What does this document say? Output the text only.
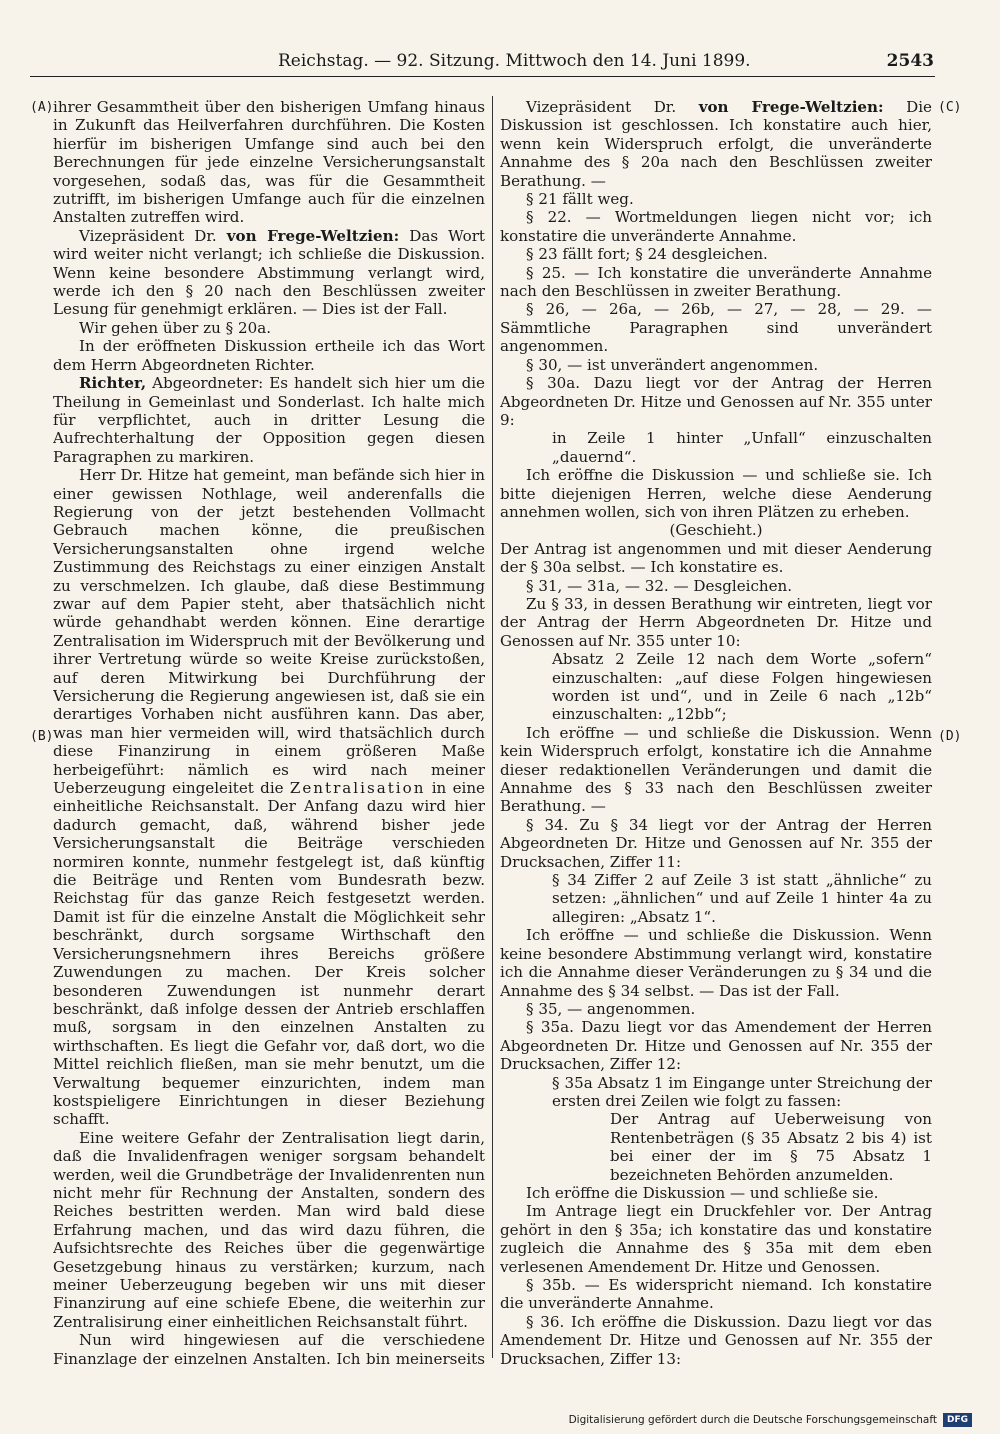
Reichstag. — 92. Sitzung. Mittwoch den 14. Juni 1899.	2543
(A)
(B)
(C)
(D)

ihrer Gesammtheit über den bisherigen Umfang hinaus in Zukunft das Heilverfahren durchführen. Die Kosten hierfür im bisherigen Umfange sind auch bei den Berechnungen für jede einzelne Versicherungsanstalt vorgesehen, sodaß das, was für die Gesammtheit zutrifft, im bisherigen Umfange auch für die einzelnen Anstalten zutreffen wird.

Vizepräsident Dr. von Frege-Weltzien: Das Wort wird weiter nicht verlangt; ich schließe die Diskussion. Wenn keine besondere Abstimmung verlangt wird, werde ich den § 20 nach den Beschlüssen zweiter Lesung für genehmigt erklären. — Dies ist der Fall.

Wir gehen über zu § 20a.

In der eröffneten Diskussion ertheile ich das Wort dem Herrn Abgeordneten Richter.

Richter, Abgeordneter: Es handelt sich hier um die Theilung in Gemeinlast und Sonderlast. Ich halte mich für verpflichtet, auch in dritter Lesung die Aufrechterhaltung der Opposition gegen diesen Paragraphen zu markiren.

Herr Dr. Hitze hat gemeint, man befände sich hier in einer gewissen Nothlage, weil anderenfalls die Regierung von der jetzt bestehenden Vollmacht Gebrauch machen könne, die preußischen Versicherungsanstalten ohne irgend welche Zustimmung des Reichstags zu einer einzigen Anstalt zu verschmelzen. Ich glaube, daß diese Bestimmung zwar auf dem Papier steht, aber thatsächlich nicht würde gehandhabt werden können. Eine derartige Zentralisation im Widerspruch mit der Bevölkerung und ihrer Vertretung würde so weite Kreise zurückstoßen, auf deren Mitwirkung bei Durchführung der Versicherung die Regierung angewiesen ist, daß sie ein derartiges Vorhaben nicht ausführen kann. Das aber, was man hier vermeiden will, wird thatsächlich durch diese Finanzirung in einem größeren Maße herbeigeführt: nämlich es wird nach meiner Ueberzeugung eingeleitet die Zentralisation in eine einheitliche Reichsanstalt. Der Anfang dazu wird hier dadurch gemacht, daß, während bisher jede Versicherungsanstalt die Beiträge verschieden normiren konnte, nunmehr festgelegt ist, daß künftig die Beiträge und Renten vom Bundesrath bezw. Reichstag für das ganze Reich festgesetzt werden. Damit ist für die einzelne Anstalt die Möglichkeit sehr beschränkt, durch sorgsame Wirthschaft den Versicherungsnehmern ihres Bereichs größere Zuwendungen zu machen. Der Kreis solcher besonderen Zuwendungen ist nunmehr derart beschränkt, daß infolge dessen der Antrieb erschlaffen muß, sorgsam in den einzelnen Anstalten zu wirthschaften. Es liegt die Gefahr vor, daß dort, wo die Mittel reichlich fließen, man sie mehr benutzt, um die Verwaltung bequemer einzurichten, indem man kostspieligere Einrichtungen in dieser Beziehung schafft.

Eine weitere Gefahr der Zentralisation liegt darin, daß die Invalidenfragen weniger sorgsam behandelt werden, weil die Grundbeträge der Invalidenrenten nun nicht mehr für Rechnung der Anstalten, sondern des Reiches bestritten werden. Man wird bald diese Erfahrung machen, und das wird dazu führen, die Aufsichtsrechte des Reiches über die gegenwärtige Gesetzgebung hinaus zu verstärken; kurzum, nach meiner Ueberzeugung begeben wir uns mit dieser Finanzirung auf eine schiefe Ebene, die weiterhin zur Zentralisirung einer einheitlichen Reichsanstalt führt.

Nun wird hingewiesen auf die verschiedene Finanzlage der einzelnen Anstalten. Ich bin meinerseits

Vizepräsident Dr. von Frege-Weltzien: Die Diskussion ist geschlossen. Ich konstatire auch hier, wenn kein Widerspruch erfolgt, die unveränderte Annahme des § 20a nach den Beschlüssen zweiter Berathung. —

§ 21 fällt weg.

§ 22. — Wortmeldungen liegen nicht vor; ich konstatire die unveränderte Annahme.

§ 23 fällt fort; § 24 desgleichen.

§ 25. — Ich konstatire die unveränderte Annahme nach den Beschlüssen in zweiter Berathung.

§ 26, — 26a, — 26b, — 27, — 28, — 29. — Sämmtliche Paragraphen sind unverändert angenommen.

§ 30, — ist unverändert angenommen.

§ 30a. Dazu liegt vor der Antrag der Herren Abgeordneten Dr. Hitze und Genossen auf Nr. 355 unter 9:

in Zeile 1 hinter „Unfall“ einzuschalten „dauernd“.

Ich eröffne die Diskussion — und schließe sie. Ich bitte diejenigen Herren, welche diese Aenderung annehmen wollen, sich von ihren Plätzen zu erheben.

(Geschieht.)

Der Antrag ist angenommen und mit dieser Aenderung der § 30a selbst. — Ich konstatire es.

§ 31, — 31a, — 32. — Desgleichen.

Zu § 33, in dessen Berathung wir eintreten, liegt vor der Antrag der Herrn Abgeordneten Dr. Hitze und Genossen auf Nr. 355 unter 10:

Absatz 2 Zeile 12 nach dem Worte „sofern“ einzuschalten: „auf diese Folgen hingewiesen worden ist und“, und in Zeile 6 nach „12b“ einzuschalten: „12bb“;

Ich eröffne — und schließe die Diskussion. Wenn kein Widerspruch erfolgt, konstatire ich die Annahme dieser redaktionellen Veränderungen und damit die Annahme des § 33 nach den Beschlüssen zweiter Berathung. —

§ 34. Zu § 34 liegt vor der Antrag der Herren Abgeordneten Dr. Hitze und Genossen auf Nr. 355 der Drucksachen, Ziffer 11:

§ 34 Ziffer 2 auf Zeile 3 ist statt „ähnliche“ zu setzen: „ähnlichen“ und auf Zeile 1 hinter 4a zu allegiren: „Absatz 1“.

Ich eröffne — und schließe die Diskussion. Wenn keine besondere Abstimmung verlangt wird, konstatire ich die Annahme dieser Veränderungen zu § 34 und die Annahme des § 34 selbst. — Das ist der Fall.

§ 35, — angenommen.

§ 35a. Dazu liegt vor das Amendement der Herren Abgeordneten Dr. Hitze und Genossen auf Nr. 355 der Drucksachen, Ziffer 12:

§ 35a Absatz 1 im Eingange unter Streichung der ersten drei Zeilen wie folgt zu fassen:

Der Antrag auf Ueberweisung von Rentenbeträgen (§ 35 Absatz 2 bis 4) ist bei einer der im § 75 Absatz 1 bezeichneten Behörden anzumelden.

Ich eröffne die Diskussion — und schließe sie.

Im Antrage liegt ein Druckfehler vor. Der Antrag gehört in den § 35a; ich konstatire das und konstatire zugleich die Annahme des § 35a mit dem eben verlesenen Amendement Dr. Hitze und Genossen.

§ 35b. — Es widerspricht niemand. Ich konstatire die unveränderte Annahme.

§ 36. Ich eröffne die Diskussion. Dazu liegt vor das Amendement Dr. Hitze und Genossen auf Nr. 355 der Drucksachen, Ziffer 13:

Digitalisierung gefördert durch die Deutsche Forschungsgemeinschaft	DFG
